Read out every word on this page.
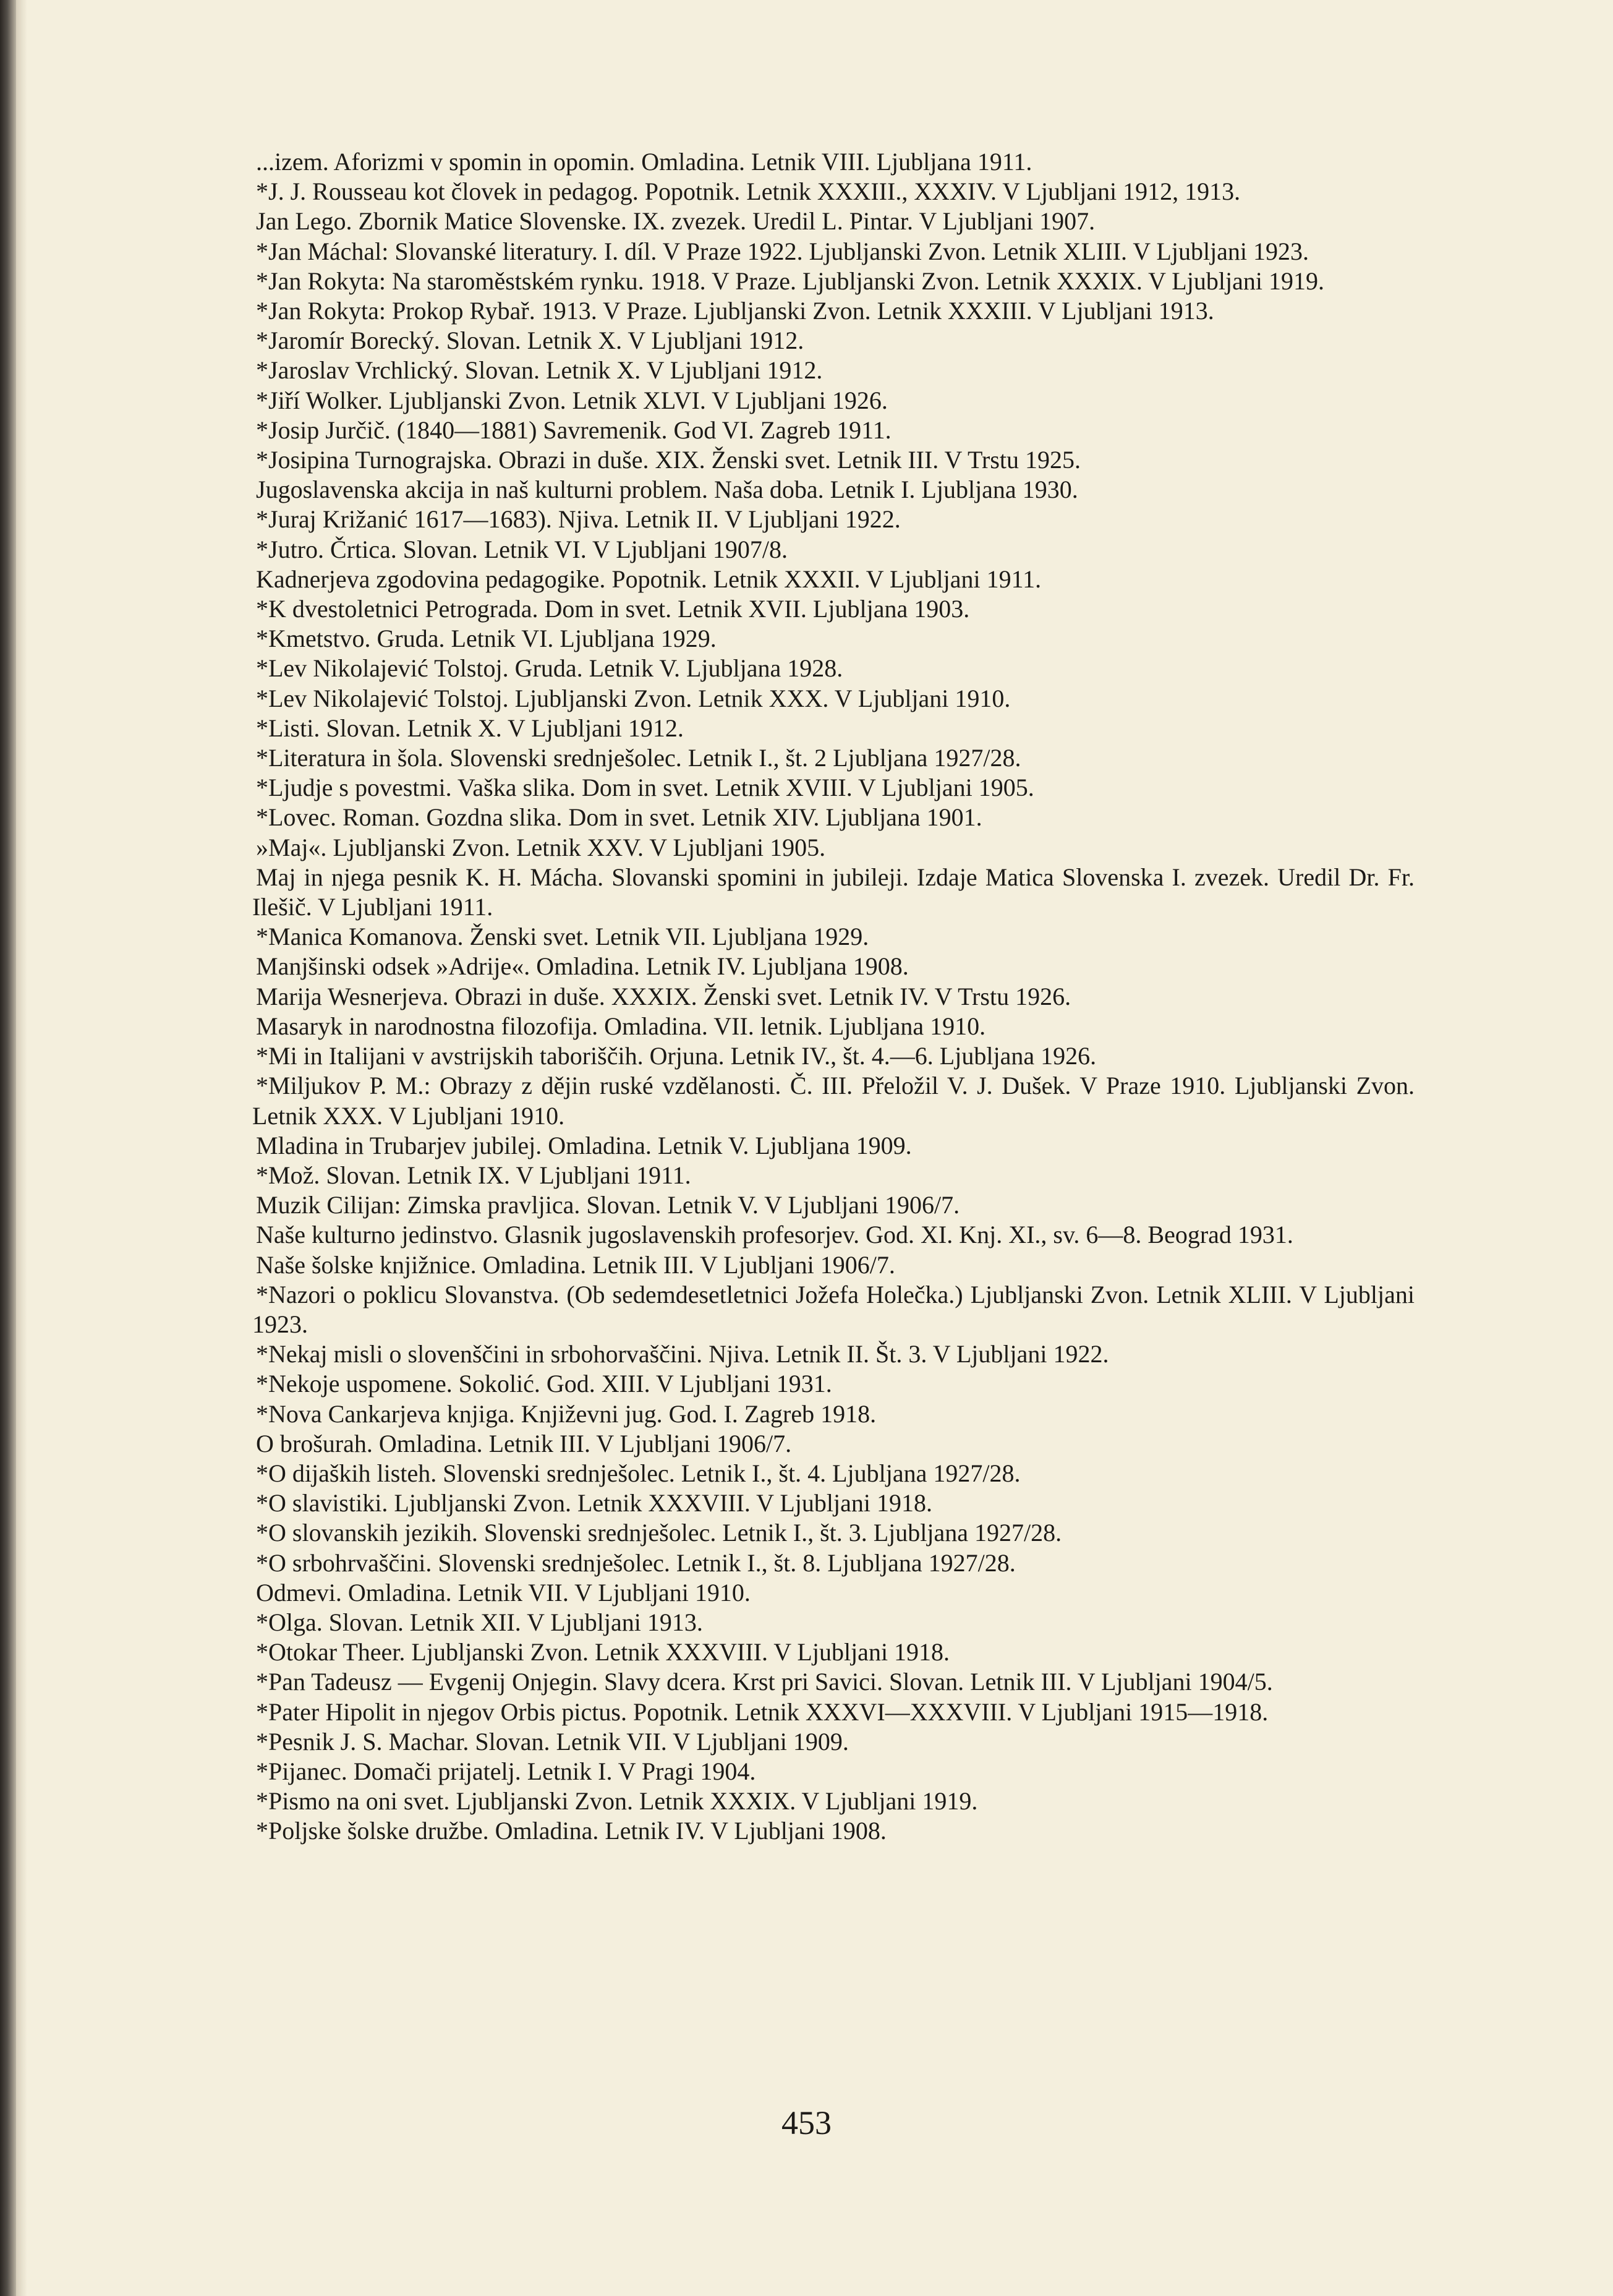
...izem. Aforizmi v spomin in opomin. Omladina. Letnik VIII. Ljubljana 1911.
*J. J. Rousseau kot človek in pedagog. Popotnik. Letnik XXXIII., XXXIV. V Ljubljani 1912, 1913.
Jan Lego. Zbornik Matice Slovenske. IX. zvezek. Uredil L. Pintar. V Ljubljani 1907.
*Jan Máchal: Slovanské literatury. I. díl. V Praze 1922. Ljubljanski Zvon. Letnik XLIII. V Ljubljani 1923.
*Jan Rokyta: Na staroměstském rynku. 1918. V Praze. Ljubljanski Zvon. Letnik XXXIX. V Ljubljani 1919.
*Jan Rokyta: Prokop Rybař. 1913. V Praze. Ljubljanski Zvon. Letnik XXXIII. V Ljubljani 1913.
*Jaromír Borecký. Slovan. Letnik X. V Ljubljani 1912.
*Jaroslav Vrchlický. Slovan. Letnik X. V Ljubljani 1912.
*Jiří Wolker. Ljubljanski Zvon. Letnik XLVI. V Ljubljani 1926.
*Josip Jurčič. (1840—1881) Savremenik. God VI. Zagreb 1911.
*Josipina Turnograjska. Obrazi in duše. XIX. Ženski svet. Letnik III. V Trstu 1925.
Jugoslavenska akcija in naš kulturni problem. Naša doba. Letnik I. Ljubljana 1930.
*Juraj Križanić 1617—1683). Njiva. Letnik II. V Ljubljani 1922.
*Jutro. Črtica. Slovan. Letnik VI. V Ljubljani 1907/8.
Kadnerjeva zgodovina pedagogike. Popotnik. Letnik XXXII. V Ljubljani 1911.
*K dvestoletnici Petrograda. Dom in svet. Letnik XVII. Ljubljana 1903.
*Kmetstvo. Gruda. Letnik VI. Ljubljana 1929.
*Lev Nikolajević Tolstoj. Gruda. Letnik V. Ljubljana 1928.
*Lev Nikolajević Tolstoj. Ljubljanski Zvon. Letnik XXX. V Ljubljani 1910.
*Listi. Slovan. Letnik X. V Ljubljani 1912.
*Literatura in šola. Slovenski srednješolec. Letnik I., št. 2 Ljubljana 1927/28.
*Ljudje s povestmi. Vaška slika. Dom in svet. Letnik XVIII. V Ljubljani 1905.
*Lovec. Roman. Gozdna slika. Dom in svet. Letnik XIV. Ljubljana 1901.
»Maj«. Ljubljanski Zvon. Letnik XXV. V Ljubljani 1905.
Maj in njega pesnik K. H. Mácha. Slovanski spomini in jubileji. Izdaje Matica Slovenska I. zvezek. Uredil Dr. Fr. Ilešič. V Ljubljani 1911.
*Manica Komanova. Ženski svet. Letnik VII. Ljubljana 1929.
Manjšinski odsek »Adrije«. Omladina. Letnik IV. Ljubljana 1908.
Marija Wesnerjeva. Obrazi in duše. XXXIX. Ženski svet. Letnik IV. V Trstu 1926.
Masaryk in narodnostna filozofija. Omladina. VII. letnik. Ljubljana 1910.
*Mi in Italijani v avstrijskih taboriščih. Orjuna. Letnik IV., št. 4.—6. Ljubljana 1926.
*Miljukov P. M.: Obrazy z dějin ruské vzdělanosti. Č. III. Přeložil V. J. Dušek. V Praze 1910. Ljubljanski Zvon. Letnik XXX. V Ljubljani 1910.
Mladina in Trubarjev jubilej. Omladina. Letnik V. Ljubljana 1909.
*Mož. Slovan. Letnik IX. V Ljubljani 1911.
Muzik Cilijan: Zimska pravljica. Slovan. Letnik V. V Ljubljani 1906/7.
Naše kulturno jedinstvo. Glasnik jugoslavenskih profesorjev. God. XI. Knj. XI., sv. 6—8. Beograd 1931.
Naše šolske knjižnice. Omladina. Letnik III. V Ljubljani 1906/7.
*Nazori o poklicu Slovanstva. (Ob sedemdesetletnici Jožefa Holečka.) Ljubljanski Zvon. Letnik XLIII. V Ljubljani 1923.
*Nekaj misli o slovenščini in srbohorvaščini. Njiva. Letnik II. Št. 3. V Ljubljani 1922.
*Nekoje uspomene. Sokolić. God. XIII. V Ljubljani 1931.
*Nova Cankarjeva knjiga. Književni jug. God. I. Zagreb 1918.
O brošurah. Omladina. Letnik III. V Ljubljani 1906/7.
*O dijaških listeh. Slovenski srednješolec. Letnik I., št. 4. Ljubljana 1927/28.
*O slavistiki. Ljubljanski Zvon. Letnik XXXVIII. V Ljubljani 1918.
*O slovanskih jezikih. Slovenski srednješolec. Letnik I., št. 3. Ljubljana 1927/28.
*O srbohrvaščini. Slovenski srednješolec. Letnik I., št. 8. Ljubljana 1927/28.
Odmevi. Omladina. Letnik VII. V Ljubljani 1910.
*Olga. Slovan. Letnik XII. V Ljubljani 1913.
*Otokar Theer. Ljubljanski Zvon. Letnik XXXVIII. V Ljubljani 1918.
*Pan Tadeusz — Evgenij Onjegin. Slavy dcera. Krst pri Savici. Slovan. Letnik III. V Ljubljani 1904/5.
*Pater Hipolit in njegov Orbis pictus. Popotnik. Letnik XXXVI—XXXVIII. V Ljubljani 1915—1918.
*Pesnik J. S. Machar. Slovan. Letnik VII. V Ljubljani 1909.
*Pijanec. Domači prijatelj. Letnik I. V Pragi 1904.
*Pismo na oni svet. Ljubljanski Zvon. Letnik XXXIX. V Ljubljani 1919.
*Poljske šolske družbe. Omladina. Letnik IV. V Ljubljani 1908.
453
